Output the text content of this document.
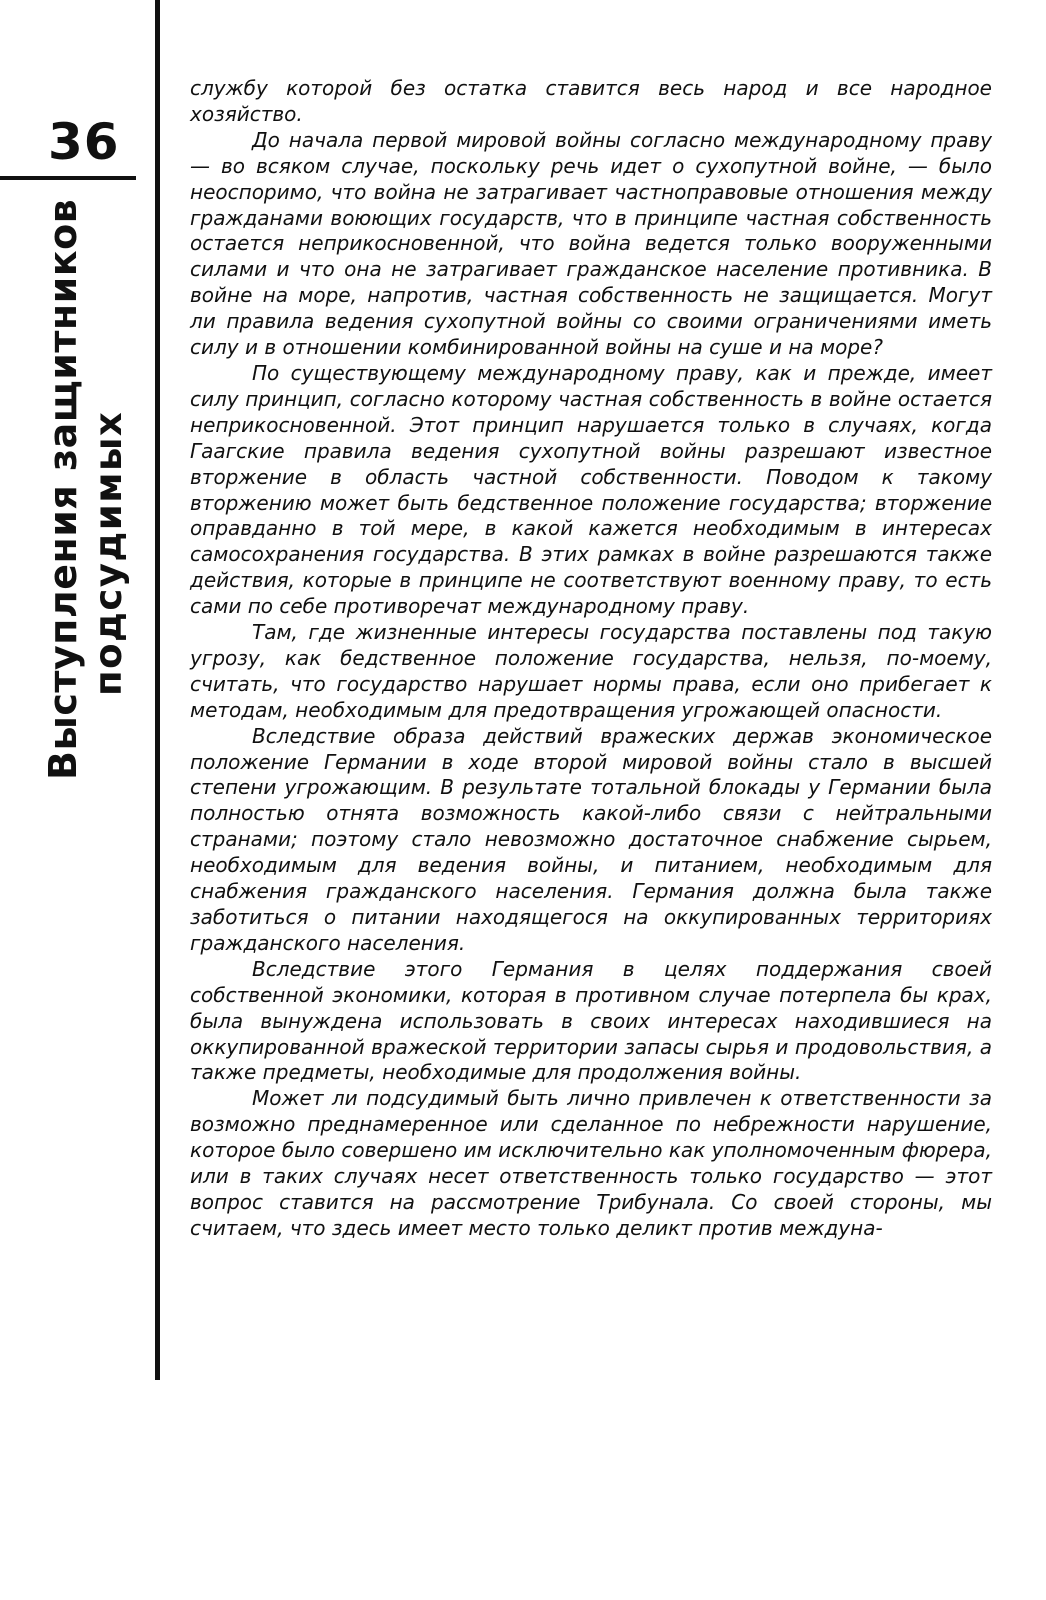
36
Выступления защитников подсудимых

службу которой без остатка ставится весь народ и все народное хозяйство.

До начала первой мировой войны согласно международному праву — во всяком случае, поскольку речь идет о сухопутной войне, — было неоспоримо, что война не затрагивает частноправовые отношения между гражданами воюющих государств, что в принципе частная собственность остается неприкосновенной, что война ведется только вооруженными силами и что она не затрагивает гражданское население противника. В войне на море, напротив, частная собственность не защищается. Могут ли правила ведения сухопутной войны со своими ограничениями иметь силу и в отношении комбинированной войны на суше и на море?

По существующему международному праву, как и прежде, имеет силу принцип, согласно которому частная собственность в войне остается неприкосновенной. Этот принцип нарушается только в случаях, когда Гаагские правила ведения сухопутной войны разрешают известное вторжение в область частной собственности. Поводом к такому вторжению может быть бедственное положение государства; вторжение оправданно в той мере, в какой кажется необходимым в интересах самосохранения государства. В этих рамках в войне разрешаются также действия, которые в принципе не соответствуют военному праву, то есть сами по себе противоречат международному праву.

Там, где жизненные интересы государства поставлены под такую угрозу, как бедственное положение государства, нельзя, по-моему, считать, что государство нарушает нормы права, если оно прибегает к методам, необходимым для предотвращения угрожающей опасности.

Вследствие образа действий вражеских держав экономическое положение Германии в ходе второй мировой войны стало в высшей степени угрожающим. В результате тотальной блокады у Германии была полностью отнята возможность какой-либо связи с нейтральными странами; поэтому стало невозможно достаточное снабжение сырьем, необходимым для ведения войны, и питанием, необходимым для снабжения гражданского населения. Германия должна была также заботиться о питании находящегося на оккупированных территориях гражданского населения.

Вследствие этого Германия в целях поддержания своей собственной экономики, которая в противном случае потерпела бы крах, была вынуждена использовать в своих интересах находившиеся на оккупированной вражеской территории запасы сырья и продовольствия, а также предметы, необходимые для продолжения войны.

Может ли подсудимый быть лично привлечен к ответственности за возможно преднамеренное или сделанное по небрежности нарушение, которое было совершено им исключительно как уполномоченным фюрера, или в таких случаях несет ответственность только государство — этот вопрос ставится на рассмотрение Трибунала. Со своей стороны, мы считаем, что здесь имеет место только деликт против междуна-
